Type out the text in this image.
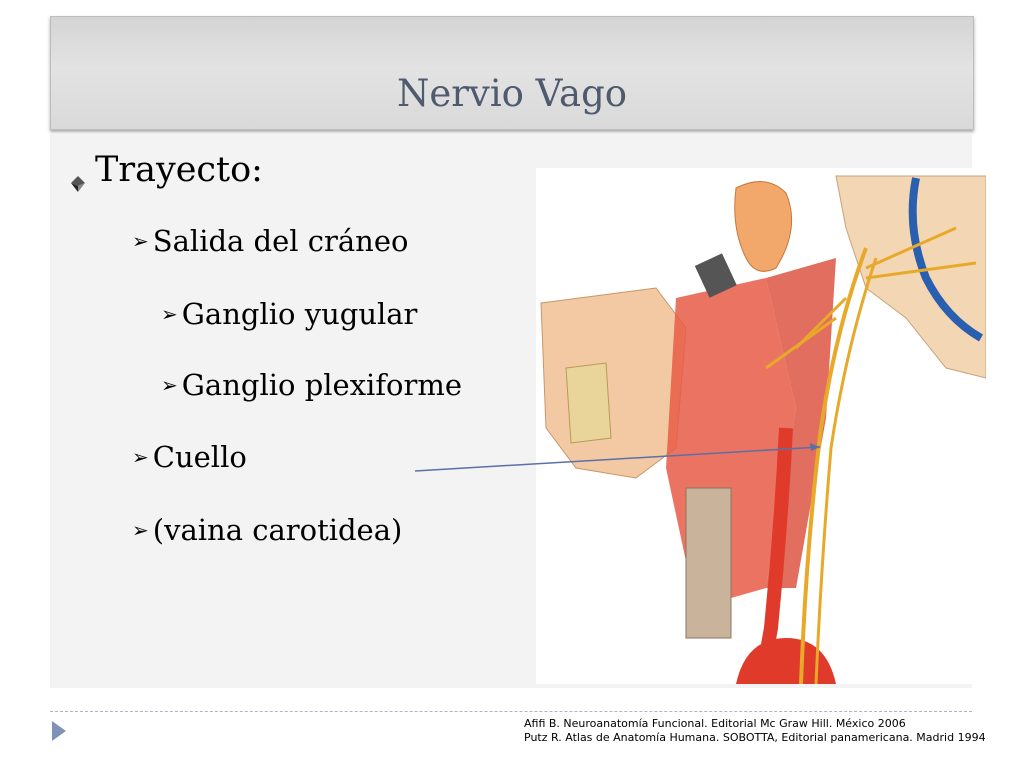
Nervio Vago
Trayecto:
➢ Salida del cráneo
➢ Ganglio yugular
➢ Ganglio plexiforme
➢ Cuello
➢ (vaina carotidea)
Afifi B. Neuroanatomía Funcional. Editorial Mc Graw Hill. México 2006
Putz R. Atlas de Anatomía Humana. SOBOTTA, Editorial panamericana. Madrid 1994
